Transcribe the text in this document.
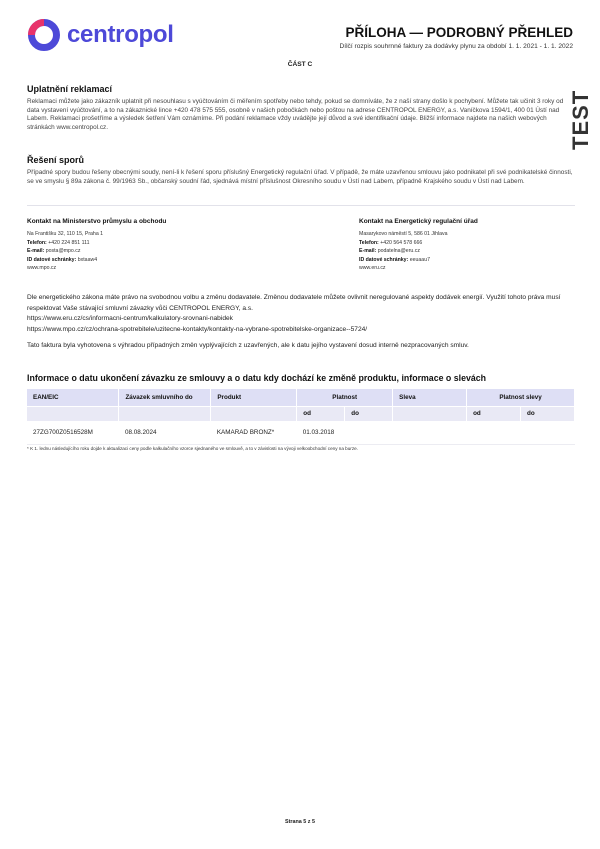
centropol	PŘÍLOHA — PODROBNÝ PŘEHLED
Dílčí rozpis souhrnné faktury za dodávky plynu za období 1. 1. 2021 - 1. 1. 2022
ČÁST C
Uplatnění reklamací
Reklamaci můžete jako zákazník uplatnit při nesouhlasu s vyúčtováním či měřením spotřeby nebo tehdy, pokud se domníváte, že z naší strany došlo k pochybení. Můžete tak učinit 3 roky od data vystavení vyúčtování, a to na zákaznické lince +420 478 575 555, osobně v našich pobočkách nebo poštou na adrese CENTROPOL ENERGY, a.s. Vaníčkova 1594/1, 400 01 Ústí nad Labem. Reklamaci prošetříme a výsledek šetření Vám oznámíme. Při podání reklamace vždy uvádějte její důvod a své identifikační údaje. Bližší informace najdete na našich webových stránkách www.centropol.cz.
Řešení sporů
Případné spory budou řešeny obecnými soudy, není-li k řešení sporu příslušný Energetický regulační úřad. V případě, že máte uzavřenou smlouvu jako podnikatel při své podnikatelské činnosti, se ve smyslu § 89a zákona č. 99/1963 Sb., občanský soudní řád, sjednává místní příslušnost Okresního soudu v Ústí nad Labem, případně Krajského soudu v Ústí nad Labem.
TEST
Kontakt na Ministerstvo průmyslu a obchodu
Na Františku 32, 110 15, Praha 1
Telefon: +420 224 851 111
E-mail: posta@mpo.cz
ID datové schránky: bxtaaw4
www.mpo.cz
Kontakt na Energetický regulační úřad
Masarykovo náměstí 5, 586 01 Jihlava
Telefon: +420 564 578 666
E-mail: podatelna@eru.cz
ID datové schránky: eeuaau7
www.eru.cz
Dle energetického zákona máte právo na svobodnou volbu a změnu dodavatele. Změnou dodavatele můžete ovlivnit neregulované aspekty dodávek energií. Využití tohoto práva musí respektovat Vaše stávající smluvní závazky vůči CENTROPOL ENERGY, a.s.
https://www.eru.cz/cs/informacni-centrum/kalkulatory-srovnani-nabidek
https://www.mpo.cz/cz/ochrana-spotrebitele/uzitecne-kontakty/kontakty-na-vybrane-spotrebitelske-organizace--5724/
Tato faktura byla vyhotovena s výhradou případných změn vyplývajících z uzavřených, ale k datu jejího vystavení dosud interně nezpracovaných smluv.
Informace o datu ukončení závazku ze smlouvy a o datu kdy dochází ke změně produktu, informace o slevách
EAN/EIC	Závazek smluvního do	Produkt	Platnost		Sleva	Platnost slevy	
			od	do		od	do
27ZG700Z0516528M	08.08.2024	KAMARAD BRONZ*	01.03.2018				
* K 1. lednu následujícího roku dojde k aktualizaci ceny podle kalkulačního vzorce sjednaného ve smlouvě, a to v závislosti na vývoji velkoobchodní ceny na burze.
Strana 5 z 5
